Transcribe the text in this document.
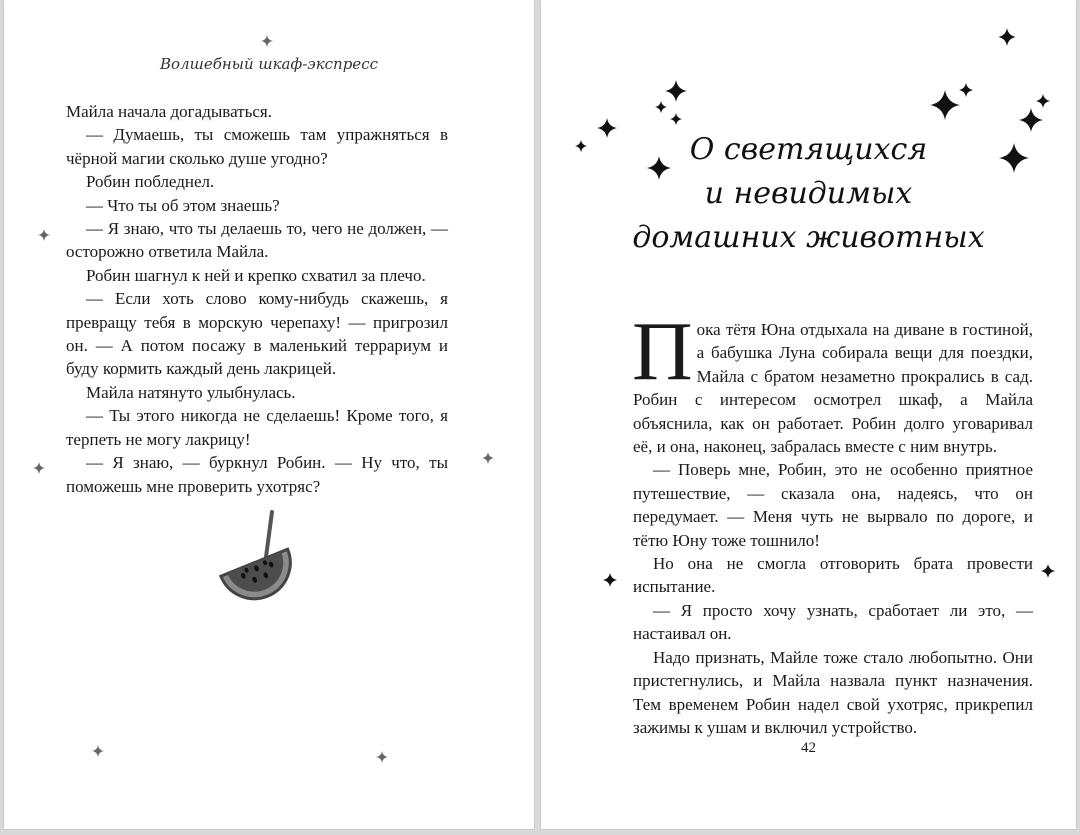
Волшебный шкаф-экспресс

Майла начала догадываться.

— Думаешь, ты сможешь там упражняться в чёрной магии сколько душе угодно?

Робин побледнел.

— Что ты об этом знаешь?

— Я знаю, что ты делаешь то, чего не должен, — осторожно ответила Майла.

Робин шагнул к ней и крепко схватил за плечо.

— Если хоть слово кому-нибудь скажешь, я превращу тебя в морскую черепаху! — пригрозил он. — А потом посажу в маленький террариум и буду кормить каждый день лакрицей.

Майла натянуто улыбнулась.

— Ты этого никогда не сделаешь! Кроме того, я терпеть не могу лакрицу!

— Я знаю, — буркнул Робин. — Ну что, ты поможешь мне проверить ухотряс?

О светящихся
и невидимых
домашних животных

Пока тётя Юна отдыхала на диване в гостиной, а бабушка Луна собирала вещи для поездки, Майла с братом незаметно прокрались в сад. Робин с интересом осмотрел шкаф, а Майла объяснила, как он работает. Робин долго уговаривал её, и она, наконец, забралась вместе с ним внутрь.

— Поверь мне, Робин, это не особенно приятное путешествие, — сказала она, надеясь, что он передумает. — Меня чуть не вырвало по дороге, и тётю Юну тоже тошнило!

Но она не смогла отговорить брата провести испытание.

— Я просто хочу узнать, сработает ли это, — настаивал он.

Надо признать, Майле тоже стало любопытно. Они пристегнулись, и Майла назвала пункт назначения. Тем временем Робин надел свой ухотряс, прикрепил зажимы к ушам и включил устройство.

42
